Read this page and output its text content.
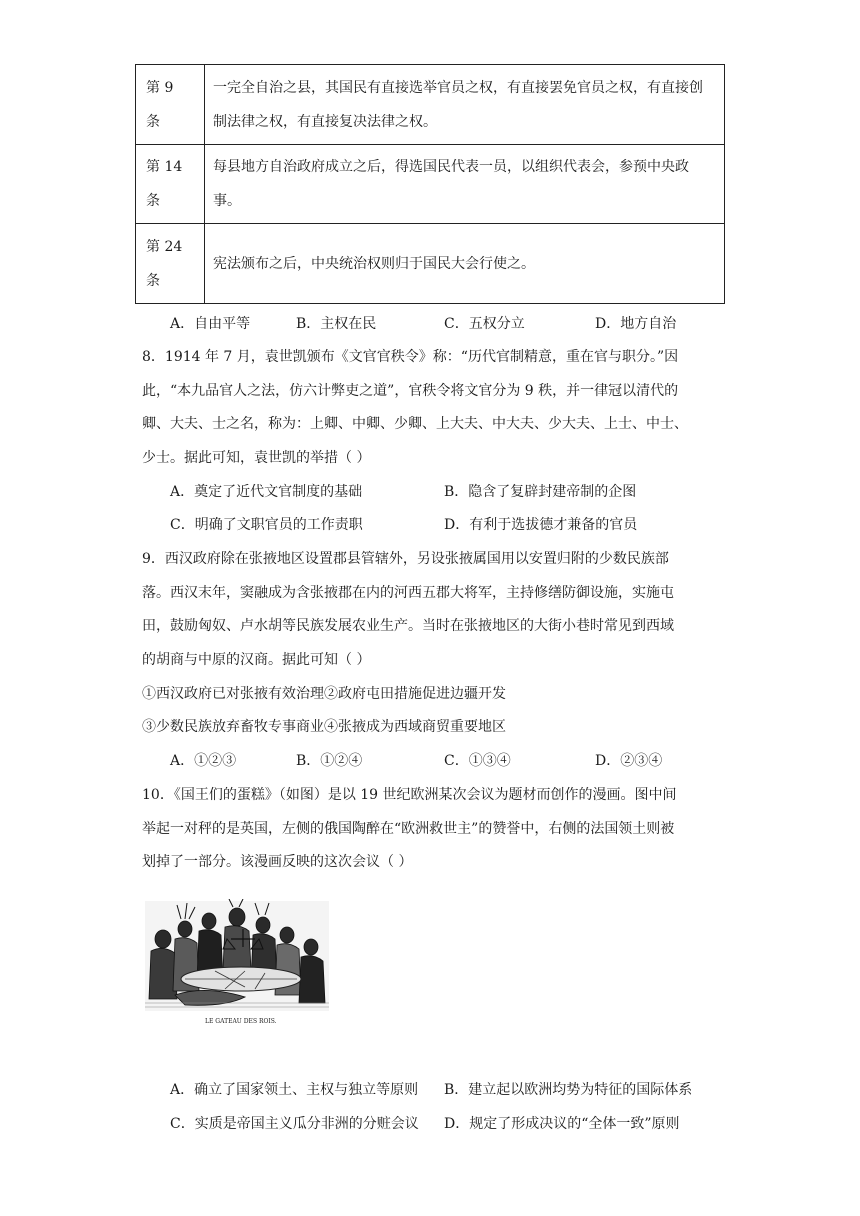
第 9 条	一完全自治之县，其国民有直接选举官员之权，有直接罢免官员之权，有直接创制法律之权，有直接复决法律之权。

第 14 条	每县地方自治政府成立之后，得选国民代表一员，以组织代表会，参预中央政事。

第 24 条	宪法颁布之后，中央统治权则归于国民大会行使之。
A．自由平等	B．主权在民	C．五权分立	D．地方自治
8．1914 年 7 月，袁世凯颁布《文官官秩令》称：“历代官制精意，重在官与职分。”因
此，“本九品官人之法，仿六计弊吏之道”，官秩令将文官分为 9 秩，并一律冠以清代的
卿、大夫、士之名，称为：上卿、中卿、少卿、上大夫、中大夫、少大夫、上士、中士、
少士。据此可知，袁世凯的举措（ ）
A．奠定了近代文官制度的基础	B．隐含了复辟封建帝制的企图
C．明确了文职官员的工作责职	D．有利于选拔德才兼备的官员
9．西汉政府除在张掖地区设置郡县管辖外，另设张掖属国用以安置归附的少数民族部
落。西汉末年，窦融成为含张掖郡在内的河西五郡大将军，主持修缮防御设施，实施屯
田，鼓励匈奴、卢水胡等民族发展农业生产。当时在张掖地区的大街小巷时常见到西域
的胡商与中原的汉商。据此可知（ ）
①西汉政府已对张掖有效治理②政府屯田措施促进边疆开发
③少数民族放弃畜牧专事商业④张掖成为西域商贸重要地区
A．①②③	B．①②④	C．①③④	D．②③④
10．《国王们的蛋糕》（如图）是以 19 世纪欧洲某次会议为题材而创作的漫画。图中间
举起一对秤的是英国，左侧的俄国陶醉在“欧洲救世主”的赞誉中，右侧的法国领土则被
划掉了一部分。该漫画反映的这次会议（ ）
LE GATEAU DES ROIS.
A．确立了国家领土、主权与独立等原则 B．建立起以欧洲均势为特征的国际体系
C．实质是帝国主义瓜分非洲的分赃会议 D．规定了形成决议的“全体一致”原则
